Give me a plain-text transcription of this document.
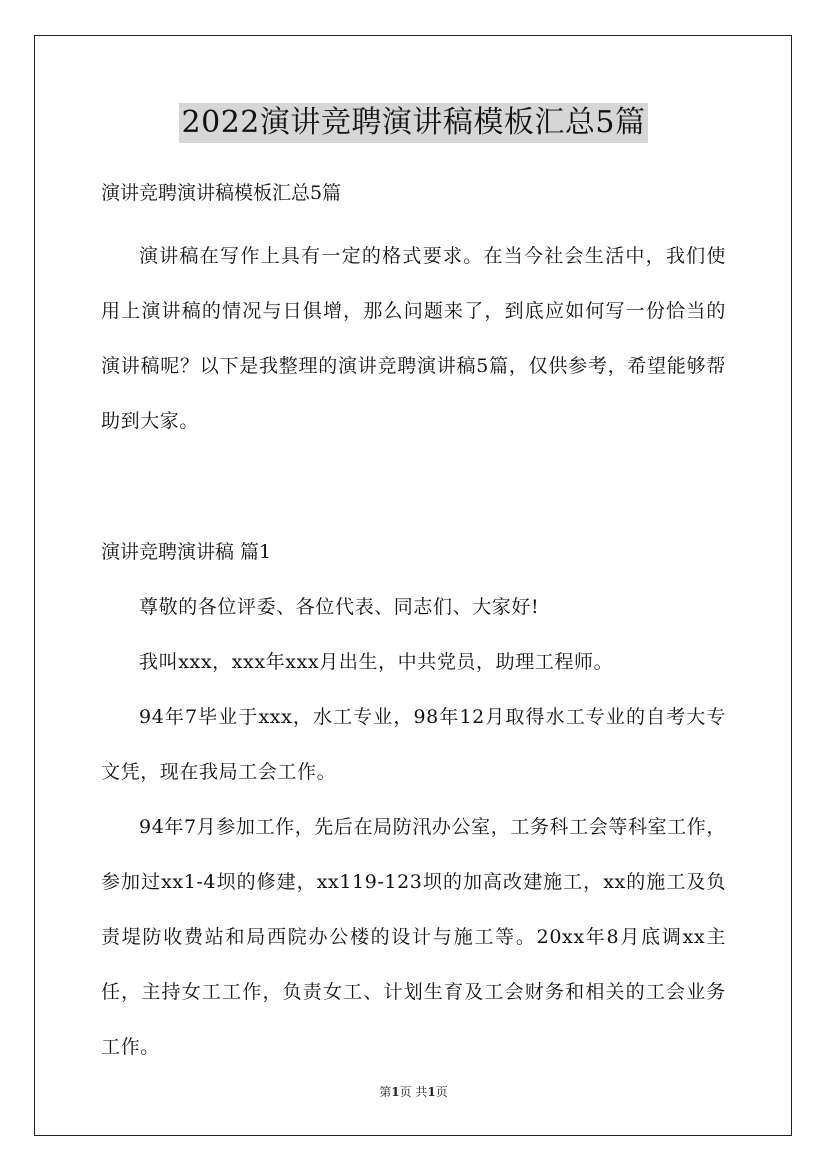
2022演讲竞聘演讲稿模板汇总5篇
演讲竞聘演讲稿模板汇总5篇

演讲稿在写作上具有一定的格式要求。在当今社会生活中，我们使用上演讲稿的情况与日俱增，那么问题来了，到底应如何写一份恰当的演讲稿呢？以下是我整理的演讲竞聘演讲稿5篇，仅供参考，希望能够帮助到大家。

演讲竞聘演讲稿 篇1

尊敬的各位评委、各位代表、同志们、大家好!

我叫xxx，xxx年xxx月出生，中共党员，助理工程师。

94年7毕业于xxx，水工专业，98年12月取得水工专业的自考大专文凭，现在我局工会工作。

94年7月参加工作，先后在局防汛办公室，工务科工会等科室工作，参加过xx1-4坝的修建，xx119-123坝的加高改建施工，xx的施工及负责堤防收费站和局西院办公楼的设计与施工等。20xx年8月底调xx主任，主持女工工作，负责女工、计划生育及工会财务和相关的工会业务工作。

第1页 共1页
